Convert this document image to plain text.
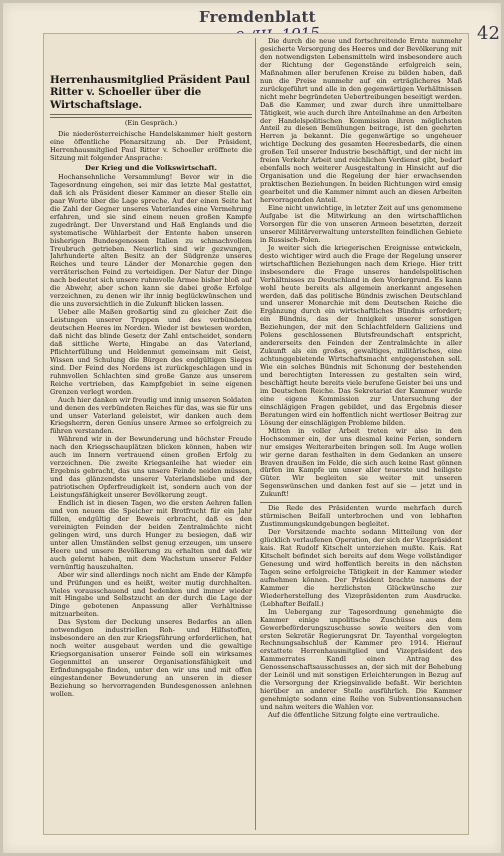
Fremdenblatt
42
Herrenhausmitglied Präsident Paul Ritter v. Schoeller über die Wirtschaftslage.
(Ein Gespräch.)

Die niederösterreichische Handelskammer hielt gestern eine öffentliche Plenarsitzung ab. Der Präsident, Herrenhausmitglied Paul Ritter v. Schoeller eröffnete die Sitzung mit folgender Ansprache:

Der Krieg und die Volkswirtschaft.

Hochansehnliche Versammlung! Bevor wir in die Tagesordnung eingehen, sei mir das letzte Mal gestattet, daß ich als Präsident dieser Kammer an dieser Stelle ein paar Worte über die Lage spreche. Auf der einen Seite hat die Zahl der Gegner unseres Vaterlandes eine Vermehrung erfahren, und sie sind einem neuen großen Kampfe zugedrängt. Der Unverstand und Haß Englands und die systematische Wühlarbeit der Entente haben unseren bisherigen Bundesgenossen Italien zu schmachvollem Treubruch getrieben. Neuerlich sind wir gezwungen, Jahrhunderte alten Besitz an der Südgrenze unseres Reiches und teure Länder der Monarchie gegen den verräterischen Feind zu verteidigen. Der Natur der Dinge nach bedeutet sich unsere ruhmvolle Armee bisher bloß auf die Abwehr, aber schon kann sie dabei große Erfolge verzeichnen, zu denen wir ihr innig beglückwünschen und die uns zuversichtlich in die Zukunft blicken lassen.

Ueber alle Maßen großartig sind zu gleicher Zeit die Leistungen unserer Truppen und des verbündeten deutschen Heeres im Norden. Wieder ist bewiesen worden, daß nicht das blinde Gesetz der Zahl entscheidet, sondern daß sittliche Werte, Hingabe an das Vaterland, Pflichterfüllung und Heldenmut gemeinsam mit Geist, Wissen und Schulung die Bürgen des endgültigen Sieges sind. Der Feind des Nordens ist zurückgeschlagen und in ruhmvollen Schlachten sind große Ganze aus unserem Reiche vertrieben, das Kampfgebiet in seine eigenen Grenzen verlegt worden.

Auch hier danken wir freudig und innig unseren Soldaten und denen des verbündeten Reiches für das, was sie für uns und unser Vaterland geleistet, wir danken auch dem Kriegsherrn, deren Genius unsere Armee so erfolgreich zu führen verstanden.

Während wir in der Bewunderung und höchster Freude nach den Kriegsschauplätzen blicken können, haben wir auch im Innern vertrauend einen großen Erfolg zu verzeichnen. Die zweite Kriegsanleihe hat wieder ein Ergebnis gebracht, das uns unsere Feinde neiden müssen, und das glänzendste unserer Vaterlandsliebe und der patriotischen Opferfreudigkeit ist, sondern auch von der Leistungsfähigkeit unserer Bevölkerung zeugt.

Endlich ist in diesen Tagen, wo die ersten Aehren fallen und von neuem die Speicher mit Brotfrucht für ein Jahr füllen, endgültig der Beweis erbracht, daß es den vereinigten Feinden der beiden Zentralmächte nicht gelingen wird, uns durch Hunger zu besiegen, daß wir unter allen Umständen selbst genug erzeugen, um unsere Heere und unsere Bevölkerung zu erhalten und daß wir auch gelernt haben, mit dem Wachstum unserer Felder vernünftig hauszuhalten.

Aber wir sind allerdings noch nicht am Ende der Kämpfe und Prüfungen und es heißt, weiter mutig durchhalten. Vieles vorausschauend und bedenken und immer wieder mit Hingabe und Selbstzucht an der durch die Lage der Dinge gebotenen Anpassung aller Verhältnisse mitzuarbeiten.

Das System der Deckung unseres Bedarfes an allen notwendigen industriellen Roh- und Hilfsstoffen, insbesondere an den zur Kriegsführung erforderlichen, hat noch weiter ausgebaut werden und die gewaltige Kriegsorganisation unserer Feinde soll ein wirksames Gegenmittel an unserer Organisationsfähigkeit und Erfindungsgabe finden, unter den wir uns und mit offen eingestandener Bewunderung an unseren in dieser Beziehung so hervorragenden Bundesgenossen anlehnen wollen.

Die durch die neue und fortschreitende Ernte nunmehr gesicherte Versorgung des Heeres und der Bevölkerung mit den notwendigsten Lebensmitteln wird insbesondere auch der Richtung der Gegenstände erfolgreich sein, Maßnahmen aller berufenen Kreise zu bilden haben, daß nun die Preise nunmehr auf ein erträglicheres Maß zurückgeführt und alle in den gegenwärtigen Verhältnissen nicht mehr begründeten Uebertreibungen beseitigt werden. Daß die Kammer, und zwar durch ihre unmittelbare Tätigkeit, wie auch durch ihre Anteilnahme an den Arbeiten der Handelspolitischen Kommission ihren möglichsten Anteil zu diesen Bemühungen beitrage, ist den geehrten Herren ja bekannt. Die gegenwärtige so ungeheuer wichtige Deckung des gesamten Heeresbedarfs, die einen großen Teil unserer Industrie beschäftigt, und der nicht im freien Verkehr Arbeit und reichlichen Verdienst gibt, bedarf ebenfalls noch weiterer Ausgestaltung in Hinsicht auf die Organisation und die Regelung der hier erwachsenden praktischen Beziehungen. In beiden Richtungen wird emsig gearbeitet und die Kammer nimmt auch an diesen Arbeiten hervorragenden Anteil.

Eine nicht unwichtige, in letzter Zeit auf uns genommene Aufgabe ist die Mitwirkung an den wirtschaftlichen Vorsorgen für die von unseren Armeen besetzten, derzeit unserer Militärverwaltung unterstellten feindlichen Gebiete in Russisch-Polen.

Je weiter sich die kriegerischen Ereignisse entwickeln, desto wichtiger wird auch die Frage der Regelung unserer wirtschaftlichen Beziehungen nach dem Kriege. Hier tritt insbesondere die Frage unseres handelspolitischen Verhältnisses zu Deutschland in den Vordergrund. Es kann wohl heute bereits als allgemein anerkannt angesehen werden, daß das politische Bündnis zwischen Deutschland und unserer Monarchie mit dem Deutschen Reiche die Ergänzung durch ein wirtschaftliches Bündnis erfordert; ein Bündnis, das der Innigkeit unserer sonstigen Beziehungen, der mit den Schlachtfeldern Galiziens und Polens geschlossenen Blutsfreundschaft entspricht, andererseits den Feinden der Zentralmächte in aller Zukunft als ein großes, gewaltiges, militärisches, eine achtunggebietende Wirtschaftsmacht entgegenstehen soll. Wie ein solches Bündnis mit Schonung der bestehenden und berechtigten Interessen zu gestalten sein wird, beschäftigt heute bereits viele berufene Geister bei uns und im Deutschen Reiche. Das Sekretariat der Kammer wurde eine eigene Kommission zur Untersuchung der einschlägigen Fragen gebildet, und das Ergebnis dieser Beratungen wird ein hoffentlich nicht wertloser Beitrag zur Lösung der einschlägigen Probleme bilden.

Mitten in voller Arbeit treten wir also in den Hochsommer ein, der uns diesmal keine Ferien, sondern nur emsiges Weiterarbeiten bringen soll. Im Auge wollen wir gerne daran festhalten in dem Gedanken an unsere Braven draußen im Felde, die sich auch keine Rast gönnen dürfen im Kampfe um unser aller teuerste und heiligste Güter. Wir begleiten sie weiter mit unseren Segenswünschen und danken fest auf sie — jetzt und in Zukunft!

Die Rede des Präsidenten wurde mehrfach durch stürmischen Beifall unterbrochen und von lebhaften Zustimmungskundgebungen begleitet.

Der Vorsitzende machte sodann Mitteilung von der glücklich verlaufenen Operation, der sich der Vizepräsident kais. Rat Rudolf Kitschelt unterziehen mußte. Kais. Rat Kitschelt befindet sich bereits auf dem Wege vollständiger Genesung und wird hoffentlich bereits in den nächsten Tagen seine erfolgreiche Tätigkeit in der Kammer wieder aufnehmen können. Der Präsident brachte namens der Kammer die herzlichsten Glückwünsche zur Wiederherstellung des Vizepräsidenten zum Ausdrucke. (Lebhafter Beifall.)

Im Uebergang zur Tagesordnung genehmigte die Kammer einige unpolitische Zuschüsse aus dem Gewerbeförderungszuschusse sowie weiters den vom ersten Sekretär Regierungsrat Dr. Tayenthal vorgelegten Rechnungsabschluß der Kammer pro 1914. Hierauf erstattete Herrenhausmitglied und Vizepräsident des Kammerrates Kandl einen Antrag des Genossenschaftsausschusses an, der sich mit der Behebung der Leinöl und mit sonstigen Erleichterungen in Bezug auf die Versorgung der Kriegsinvalide befaßt. Wir berichten hierüber an anderer Stelle ausführlich. Die Kammer genehmigte sodann eine Reihe von Subventionsansuchen und nahm weiters die Wahlen vor.

Auf die öffentliche Sitzung folgte eine vertrauliche.
